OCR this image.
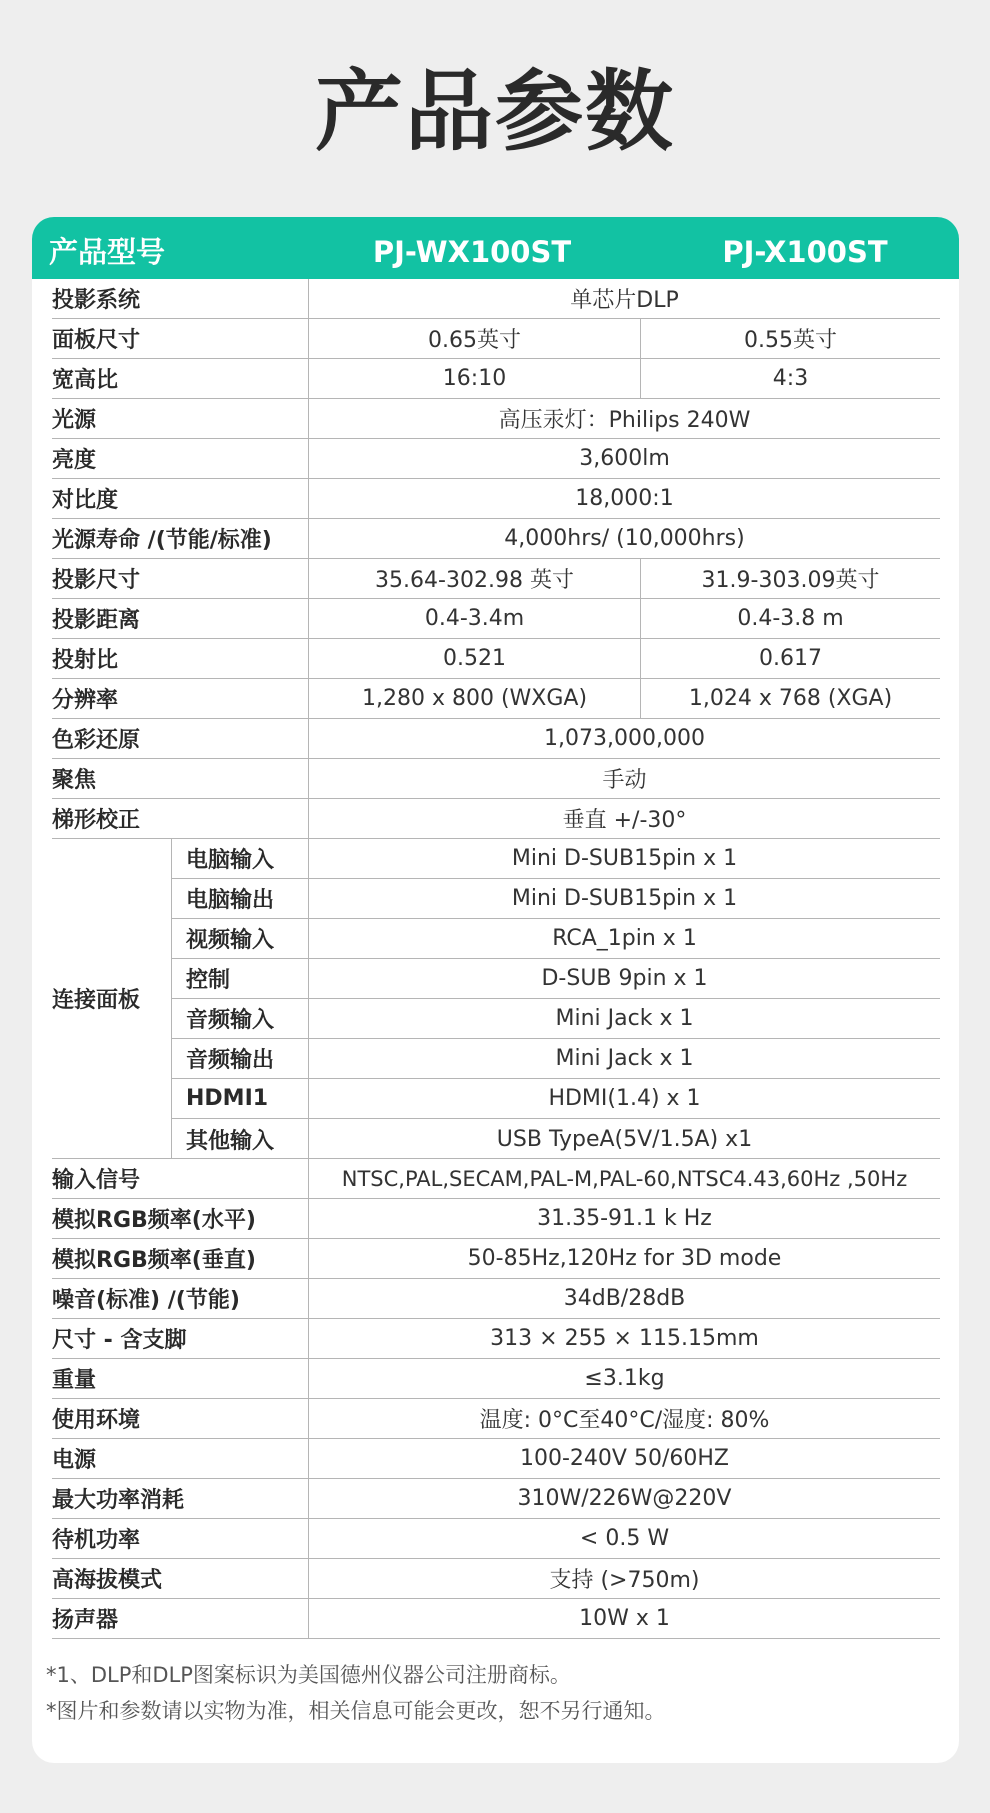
产品参数
产品型号	PJ-WX100ST	PJ-X100ST
投影系统	单芯片DLP
面板尺寸	0.65英寸	0.55英寸
宽高比	16:10	4:3
光源	高压汞灯：Philips 240W
亮度	3,600lm
对比度	18,000:1
光源寿命 /(节能/标准)	4,000hrs/ (10,000hrs)
投影尺寸	35.64-302.98 英寸	31.9-303.09英寸
投影距离	0.4-3.4m	0.4-3.8 m
投射比	0.521	0.617
分辨率	1,280 x 800 (WXGA)	1,024 x 768 (XGA)
色彩还原	1,073,000,000
聚焦	手动
梯形校正	垂直 +/-30°
连接面板
电脑输入	Mini D-SUB15pin x 1
电脑输出	Mini D-SUB15pin x 1
视频输入	RCA_1pin x 1
控制	D-SUB 9pin x 1
音频输入	Mini Jack x 1
音频输出	Mini Jack x 1
HDMI1	HDMI(1.4) x 1
其他输入	USB TypeA(5V/1.5A) x1
输入信号	NTSC,PAL,SECAM,PAL-M,PAL-60,NTSC4.43,60Hz ,50Hz
模拟RGB频率(水平)	31.35-91.1 k Hz
模拟RGB频率(垂直)	50-85Hz,120Hz for 3D mode
噪音(标准) /(节能)	34dB/28dB
尺寸 - 含支脚	313 × 255 × 115.15mm
重量	≤3.1kg
使用环境	温度: 0°C至40°C/湿度: 80%
电源	100-240V 50/60HZ
最大功率消耗	310W/226W@220V
待机功率	< 0.5 W
高海拔模式	支持 (>750m)
扬声器	10W x 1
*1、DLP和DLP图案标识为美国德州仪器公司注册商标。
*图片和参数请以实物为准，相关信息可能会更改，恕不另行通知。
